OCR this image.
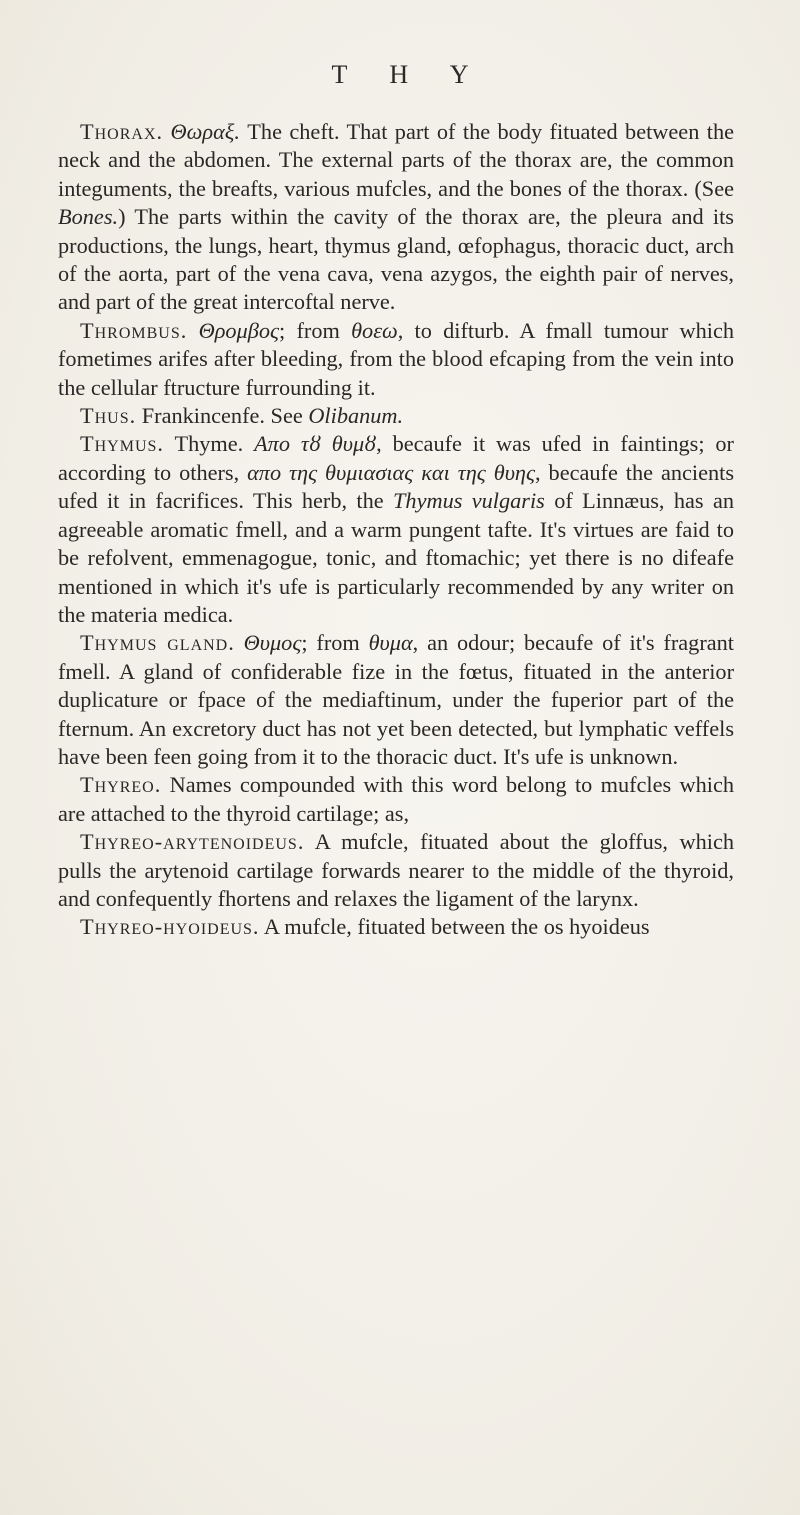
T H Y

Thorax. Θωραξ. The cheft. That part of the body fituated between the neck and the abdomen. The external parts of the thorax are, the common integuments, the breafts, various mufcles, and the bones of the thorax. (See Bones.) The parts within the cavity of the thorax are, the pleura and its productions, the lungs, heart, thymus gland, œfophagus, thoracic duct, arch of the aorta, part of the vena cava, vena azygos, the eighth pair of nerves, and part of the great intercoftal nerve.

Thrombus. Θρομβος; from θοεω, to difturb. A fmall tumour which fometimes arifes after bleeding, from the blood efcaping from the vein into the cellular ftructure furrounding it.

Thus. Frankincenfe. See Olibanum.

Thymus. Thyme. Απο τȣ θυμȣ, becaufe it was ufed in faintings; or according to others, απο της θυμιασιας και της θυης, becaufe the ancients ufed it in facrifices. This herb, the Thymus vulgaris of Linnæus, has an agreeable aromatic fmell, and a warm pungent tafte. It's virtues are faid to be refolvent, emmenagogue, tonic, and ftomachic; yet there is no difeafe mentioned in which it's ufe is particularly recommended by any writer on the materia medica.

Thymus gland. Θυμος; from θυμα, an odour; becaufe of it's fragrant fmell. A gland of confiderable fize in the fœtus, fituated in the anterior duplicature or fpace of the mediaftinum, under the fuperior part of the fternum. An excretory duct has not yet been detected, but lymphatic veffels have been feen going from it to the thoracic duct. It's ufe is unknown.

Thyreo. Names compounded with this word belong to mufcles which are attached to the thyroid cartilage; as,

Thyreo-arytenoideus. A mufcle, fituated about the gloffus, which pulls the arytenoid cartilage forwards nearer to the middle of the thyroid, and confequently fhortens and relaxes the ligament of the larynx.

Thyreo-hyoideus. A mufcle, fituated between the os hyoideus
